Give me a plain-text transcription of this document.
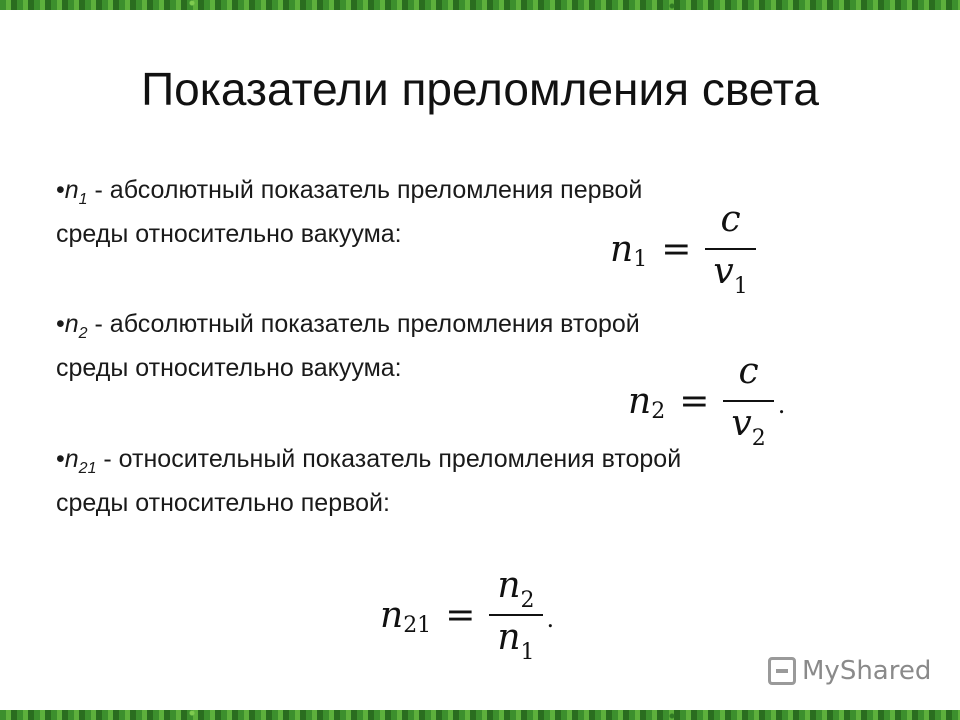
Показатели преломления света
$•n_1$ - абсолютный показатель преломления первой
среды относительно вакуума:
$•n_2$ - абсолютный показатель преломления второй
среды относительно вакуума:
$•n_{21}$ - относительный показатель преломления второй
среды относительно первой:
n $1 = \frac{c}{v1}$
n $2 = \frac{c}{v2}$ .
n $21 = \frac{n2}{n1}$ .
MyShared
